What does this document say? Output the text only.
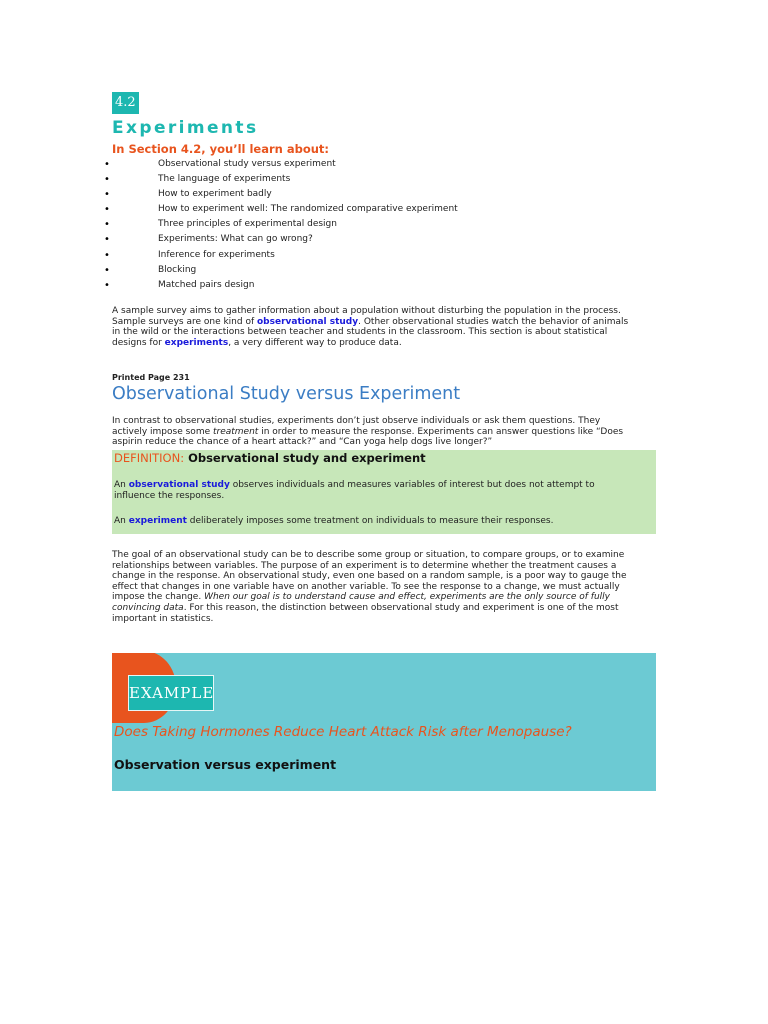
4.2
Experiments

In Section 4.2, you’ll learn about:

•	Observational study versus experiment
•	The language of experiments
•	How to experiment badly
•	How to experiment well: The randomized comparative experiment
•	Three principles of experimental design
•	Experiments: What can go wrong?
•	Inference for experiments
•	Blocking
•	Matched pairs design
A sample survey aims to gather information about a population without disturbing the population in the process.
Sample surveys are one kind of observational study. Other observational studies watch the behavior of animals
in the wild or the interactions between teacher and students in the classroom. This section is about statistical
designs for experiments, a very different way to produce data.
Printed Page 231
Observational Study versus Experiment
In contrast to observational studies, experiments don’t just observe individuals or ask them questions. They
actively impose some treatment in order to measure the response. Experiments can answer questions like “Does
aspirin reduce the chance of a heart attack?” and “Can yoga help dogs live longer?”
DEFINITION: Observational study and experiment
An observational study observes individuals and measures variables of interest but does not attempt to
influence the responses.
An experiment deliberately imposes some treatment on individuals to measure their responses.
The goal of an observational study can be to describe some group or situation, to compare groups, or to examine
relationships between variables. The purpose of an experiment is to determine whether the treatment causes a
change in the response. An observational study, even one based on a random sample, is a poor way to gauge the
effect that changes in one variable have on another variable. To see the response to a change, we must actually
impose the change. When our goal is to understand cause and effect, experiments are the only source of fully
convincing data. For this reason, the distinction between observational study and experiment is one of the most
important in statistics.
EXAMPLE

Does Taking Hormones Reduce Heart Attack Risk after Menopause?

Observation versus experiment
